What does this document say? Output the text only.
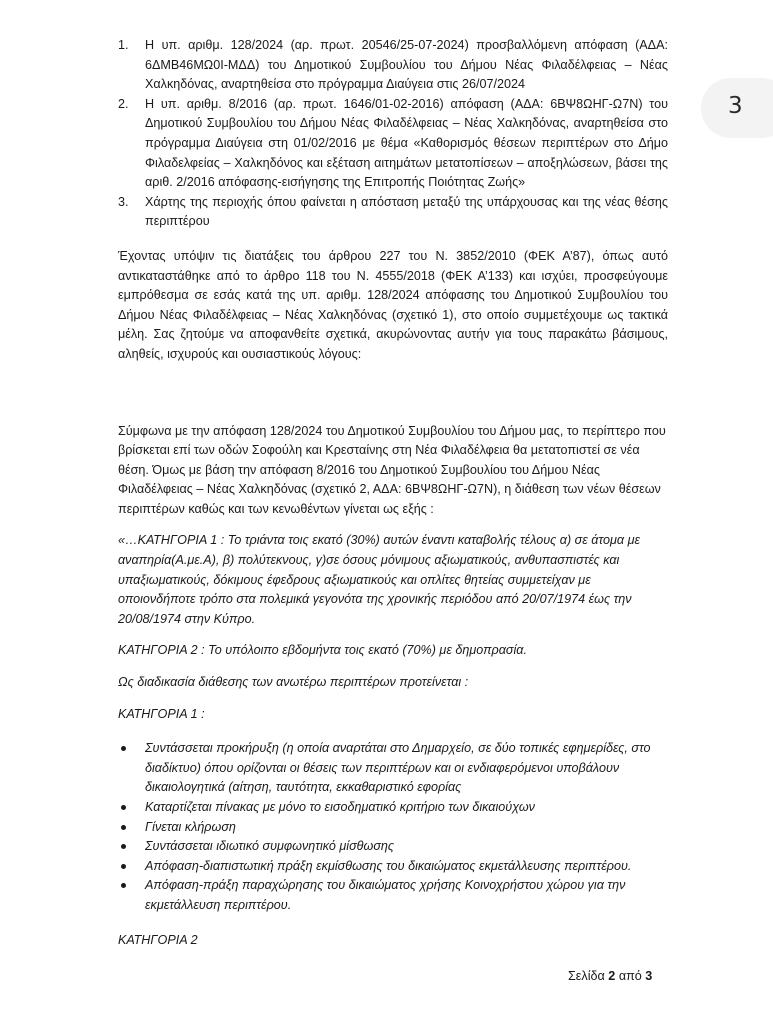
1. Η υπ. αριθμ. 128/2024 (αρ. πρωτ. 20546/25-07-2024) προσβαλλόμενη απόφαση (ΑΔΑ: 6ΔΜΒ46ΜΩ0Ι-ΜΔΔ) του Δημοτικού Συμβουλίου του Δήμου Νέας Φιλαδέλφειας – Νέας Χαλκηδόνας, αναρτηθείσα στο πρόγραμμα Διαύγεια στις 26/07/2024
2. Η υπ. αριθμ. 8/2016 (αρ. πρωτ. 1646/01-02-2016) απόφαση (ΑΔΑ: 6ΒΨ8ΩΗΓ-Ω7Ν) του Δημοτικού Συμβουλίου του Δήμου Νέας Φιλαδέλφειας – Νέας Χαλκηδόνας, αναρτηθείσα στο πρόγραμμα Διαύγεια στη 01/02/2016 με θέμα «Καθορισμός θέσεων περιπτέρων στο Δήμο Φιλαδελφείας – Χαλκηδόνος και εξέταση αιτημάτων μετατοπίσεων – αποξηλώσεων, βάσει της αριθ. 2/2016 απόφασης-εισήγησης της Επιτροπής Ποιότητας Ζωής»
3. Χάρτης της περιοχής όπου φαίνεται η απόσταση μεταξύ της υπάρχουσας και της νέας θέσης περιπτέρου

Έχοντας υπόψιν τις διατάξεις του άρθρου 227 του Ν. 3852/2010 (ΦΕΚ Α’87), όπως αυτό αντικαταστάθηκε από το άρθρο 118 του Ν. 4555/2018 (ΦΕΚ Α’133) και ισχύει, προσφεύγουμε εμπρόθεσμα σε εσάς κατά της υπ. αριθμ. 128/2024 απόφασης του Δημοτικού Συμβουλίου του Δήμου Νέας Φιλαδέλφειας – Νέας Χαλκηδόνας (σχετικό 1), στο οποίο συμμετέχουμε ως τακτικά μέλη. Σας ζητούμε να αποφανθείτε σχετικά, ακυρώνοντας αυτήν για τους παρακάτω βάσιμους, αληθείς, ισχυρούς και ουσιαστικούς λόγους:

Σύμφωνα με την απόφαση 128/2024 του Δημοτικού Συμβουλίου του Δήμου μας, το περίπτερο που βρίσκεται επί των οδών Σοφούλη και Κρεσταίνης στη Νέα Φιλαδέλφεια θα μετατοπιστεί σε νέα θέση. Όμως με βάση την απόφαση 8/2016 του Δημοτικού Συμβουλίου του Δήμου Νέας Φιλαδέλφειας – Νέας Χαλκηδόνας (σχετικό 2, ΑΔΑ: 6ΒΨ8ΩΗΓ-Ω7Ν), η διάθεση των νέων θέσεων περιπτέρων καθώς και των κενωθέντων γίνεται ως εξής :

«…ΚΑΤΗΓΟΡΙΑ 1 : Το τριάντα τοις εκατό (30%) αυτών έναντι καταβολής τέλους α) σε άτομα με αναπηρία(Α.με.Α), β) πολύτεκνους, γ)σε όσους μόνιμους αξιωματικούς, ανθυπασπιστές και υπαξιωματικούς, δόκιμους έφεδρους αξιωματικούς και οπλίτες θητείας συμμετείχαν με οποιονδήποτε τρόπο στα πολεμικά γεγονότα της χρονικής περιόδου από 20/07/1974 έως την 20/08/1974 στην Κύπρο.

ΚΑΤΗΓΟΡΙΑ 2 : Το υπόλοιπο εβδομήντα τοις εκατό (70%) με δημοπρασία.

Ως διαδικασία διάθεσης των ανωτέρω περιπτέρων προτείνεται :

ΚΑΤΗΓΟΡΙΑ 1 :

Συντάσσεται προκήρυξη (η οποία αναρτάται στο Δημαρχείο, σε δύο τοπικές εφημερίδες, στο διαδίκτυο) όπου ορίζονται οι θέσεις των περιπτέρων και οι ενδιαφερόμενοι υποβάλουν δικαιολογητικά (αίτηση, ταυτότητα, εκκαθαριστικό εφορίας
Καταρτίζεται πίνακας με μόνο το εισοδηματικό κριτήριο των δικαιούχων
Γίνεται κλήρωση
Συντάσσεται ιδιωτικό συμφωνητικό μίσθωσης
Απόφαση-διαπιστωτική πράξη εκμίσθωσης του δικαιώματος εκμετάλλευσης περιπτέρου.
Απόφαση-πράξη παραχώρησης του δικαιώματος χρήσης Κοινοχρήστου χώρου για την εκμετάλλευση περιπτέρου.

ΚΑΤΗΓΟΡΙΑ 2

Σελίδα 2 από 3
3
